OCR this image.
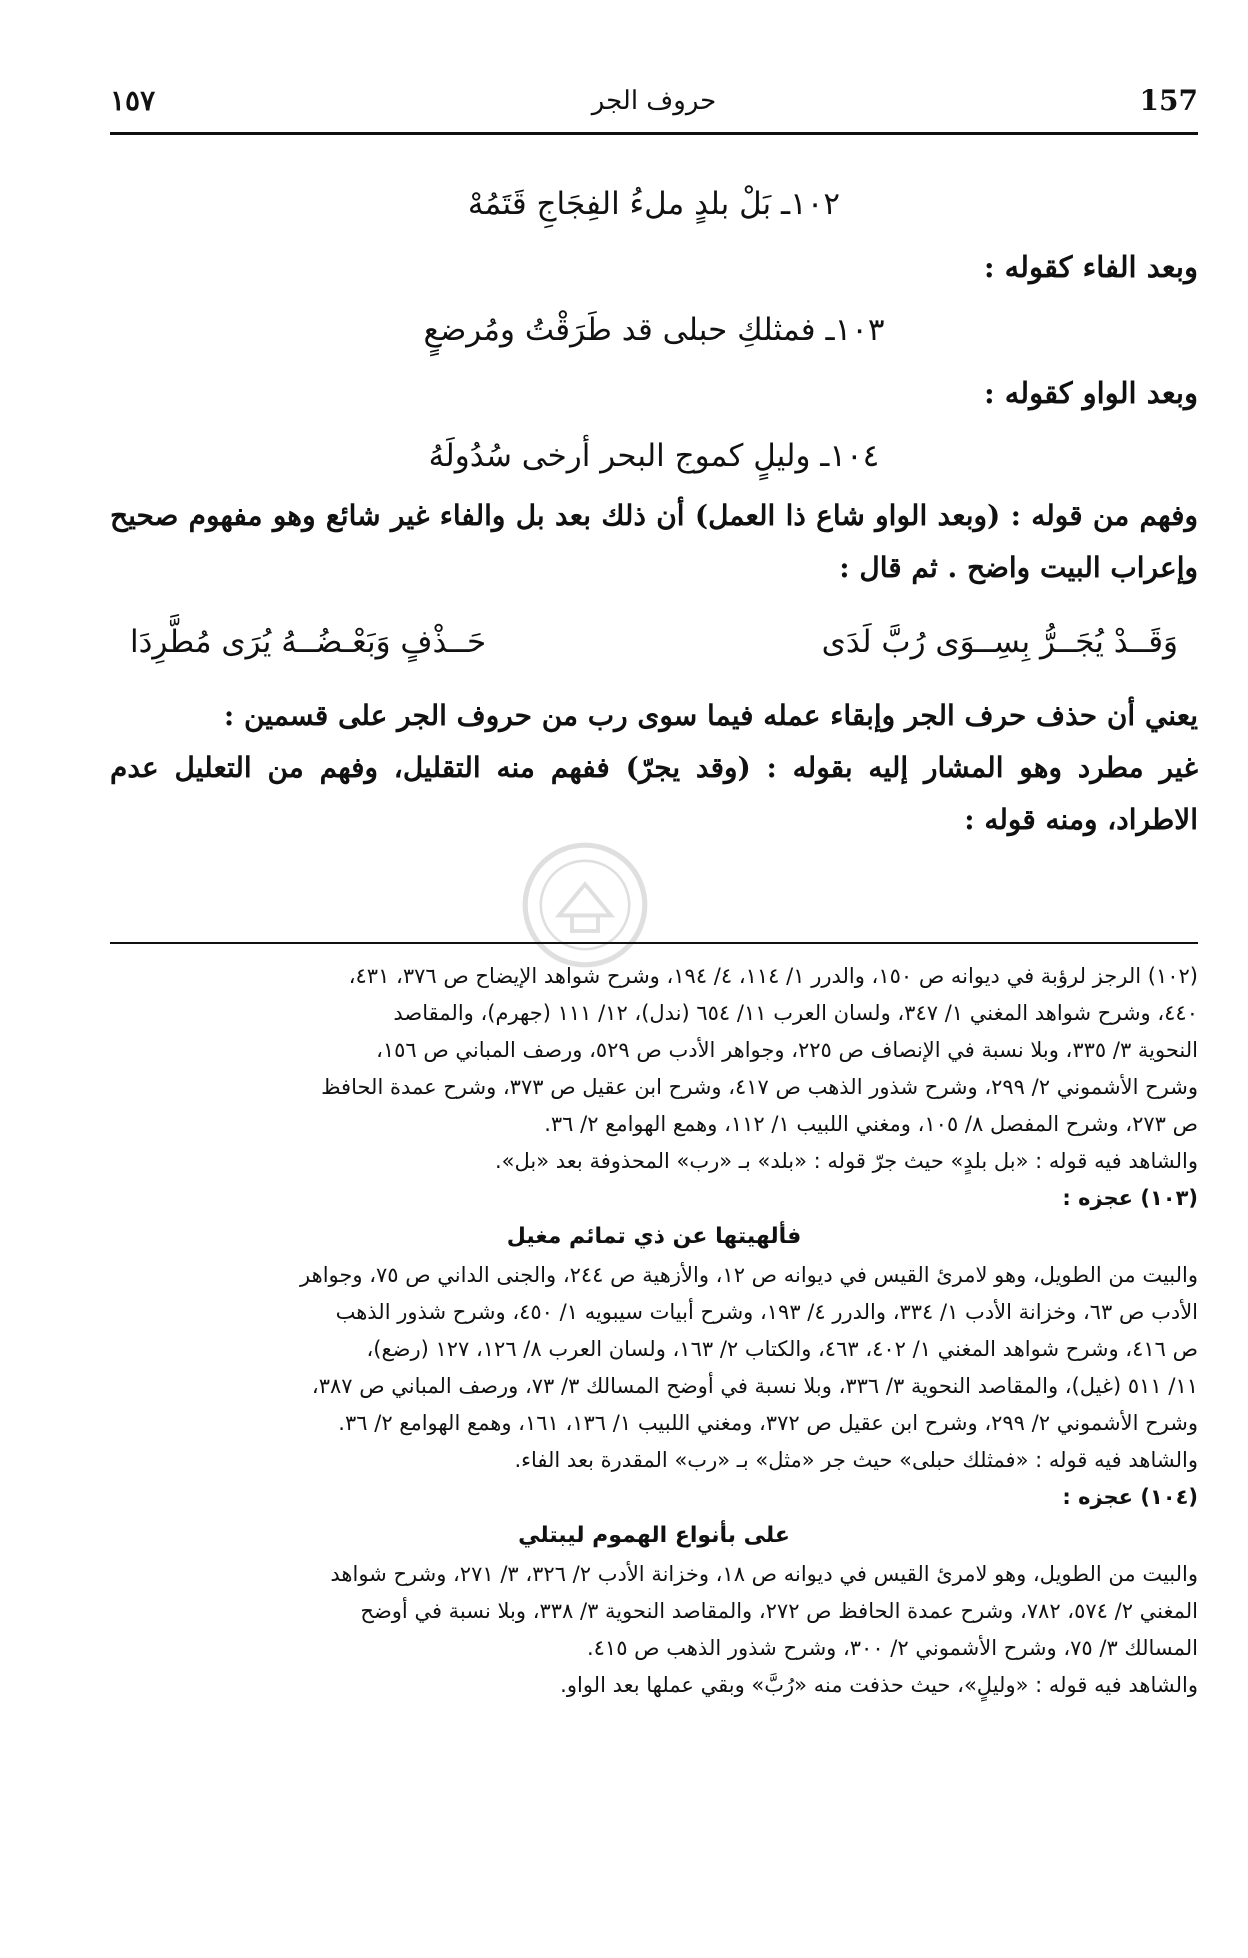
157
حروف الجر
١٥٧
١٠٢ـ بَلْ بلدٍ ملءُ الفِجَاجِ قَتَمُهْ
وبعد الفاء كقوله :
١٠٣ـ فمثلكِ حبلى قد طَرَقْتُ ومُرضعٍ
وبعد الواو كقوله :
١٠٤ـ وليلٍ كموج البحر أرخى سُدُولَهُ
وفهم من قوله : (وبعد الواو شاع ذا العمل) أن ذلك بعد بل والفاء غير شائع وهو مفهوم صحيح وإعراب البيت واضح . ثم قال :
وَقَــدْ يُجَــرُّ بِسِــوَى رُبَّ لَدَى
حَــذْفٍ وَبَعْـضُــهُ يُرَى مُطَّرِدَا
يعني أن حذف حرف الجر وإبقاء عمله فيما سوى رب من حروف الجر على قسمين :
غير مطرد وهو المشار إليه بقوله : (وقد يجرّ) ففهم منه التقليل، وفهم من التعليل عدم الاطراد، ومنه قوله :
(١٠٢) الرجز لرؤبة في ديوانه ص ١٥٠، والدرر ١/ ١١٤، ٤/ ١٩٤، وشرح شواهد الإيضاح ص ٣٧٦، ٤٣١،
٤٤٠، وشرح شواهد المغني ١/ ٣٤٧، ولسان العرب ١١/ ٦٥٤ (ندل)، ١٢/ ١١١ (جهرم)، والمقاصد
النحوية ٣/ ٣٣٥، وبلا نسبة في الإنصاف ص ٢٢٥، وجواهر الأدب ص ٥٢٩، ورصف المباني ص ١٥٦،
وشرح الأشموني ٢/ ٢٩٩، وشرح شذور الذهب ص ٤١٧، وشرح ابن عقيل ص ٣٧٣، وشرح عمدة الحافظ
ص ٢٧٣، وشرح المفصل ٨/ ١٠٥، ومغني اللبيب ١/ ١١٢، وهمع الهوامع ٢/ ٣٦.
والشاهد فيه قوله : «بل بلدٍ» حيث جرّ قوله : «بلد» بـ «رب» المحذوفة بعد «بل».
(١٠٣) عجزه :
فألهيتها عن ذي تمائم مغيل
والبيت من الطويل، وهو لامرئ القيس في ديوانه ص ١٢، والأزهية ص ٢٤٤، والجنى الداني ص ٧٥، وجواهر
الأدب ص ٦٣، وخزانة الأدب ١/ ٣٣٤، والدرر ٤/ ١٩٣، وشرح أبيات سيبويه ١/ ٤٥٠، وشرح شذور الذهب
ص ٤١٦، وشرح شواهد المغني ١/ ٤٠٢، ٤٦٣، والكتاب ٢/ ١٦٣، ولسان العرب ٨/ ١٢٦، ١٢٧ (رضع)،
١١/ ٥١١ (غيل)، والمقاصد النحوية ٣/ ٣٣٦، وبلا نسبة في أوضح المسالك ٣/ ٧٣، ورصف المباني ص ٣٨٧،
وشرح الأشموني ٢/ ٢٩٩، وشرح ابن عقيل ص ٣٧٢، ومغني اللبيب ١/ ١٣٦، ١٦١، وهمع الهوامع ٢/ ٣٦.
والشاهد فيه قوله : «فمثلك حبلى» حيث جر «مثل» بـ «رب» المقدرة بعد الفاء.
(١٠٤) عجزه :
على بأنواع الهموم ليبتلي
والبيت من الطويل، وهو لامرئ القيس في ديوانه ص ١٨، وخزانة الأدب ٢/ ٣٢٦، ٣/ ٢٧١، وشرح شواهد
المغني ٢/ ٥٧٤، ٧٨٢، وشرح عمدة الحافظ ص ٢٧٢، والمقاصد النحوية ٣/ ٣٣٨، وبلا نسبة في أوضح
المسالك ٣/ ٧٥، وشرح الأشموني ٢/ ٣٠٠، وشرح شذور الذهب ص ٤١٥.
والشاهد فيه قوله : «وليلٍ»، حيث حذفت منه «رُبَّ» وبقي عملها بعد الواو.
